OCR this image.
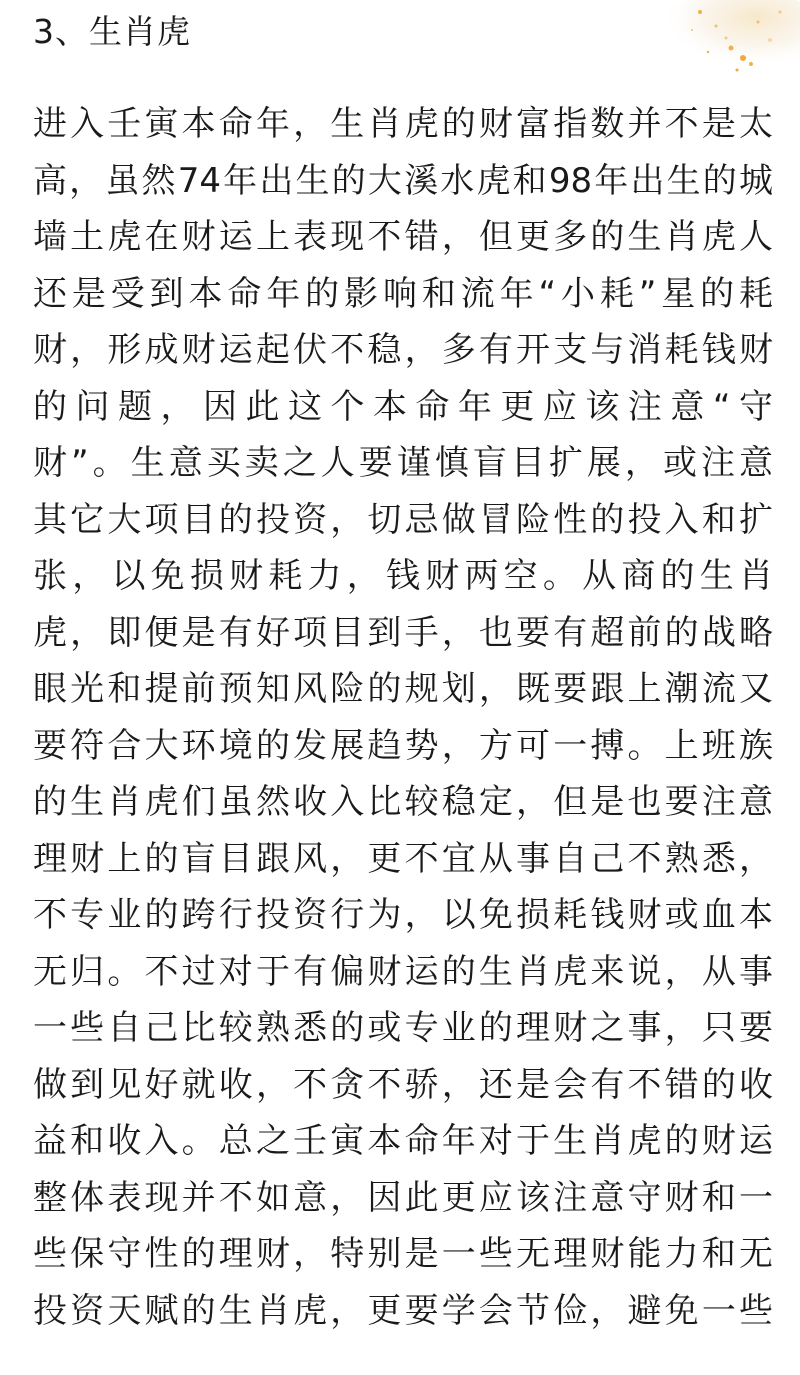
3、生肖虎
进入壬寅本命年，生肖虎的财富指数并不是太
高，虽然74年出生的大溪水虎和98年出生的城
墙土虎在财运上表现不错，但更多的生肖虎人
还是受到本命年的影响和流年“小耗”星的耗
财，形成财运起伏不稳，多有开支与消耗钱财
的问题，因此这个本命年更应该注意“守
财”。生意买卖之人要谨慎盲目扩展，或注意
其它大项目的投资，切忌做冒险性的投入和扩
张，以免损财耗力，钱财两空。从商的生肖
虎，即便是有好项目到手，也要有超前的战略
眼光和提前预知风险的规划，既要跟上潮流又
要符合大环境的发展趋势，方可一搏。上班族
的生肖虎们虽然收入比较稳定，但是也要注意
理财上的盲目跟风，更不宜从事自己不熟悉，
不专业的跨行投资行为，以免损耗钱财或血本
无归。不过对于有偏财运的生肖虎来说，从事
一些自己比较熟悉的或专业的理财之事，只要
做到见好就收，不贪不骄，还是会有不错的收
益和收入。总之壬寅本命年对于生肖虎的财运
整体表现并不如意，因此更应该注意守财和一
些保守性的理财，特别是一些无理财能力和无
投资天赋的生肖虎，更要学会节俭，避免一些
